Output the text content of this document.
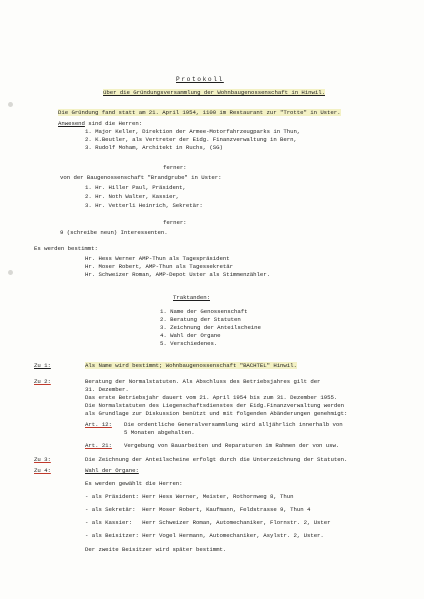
Protokoll
über die Gründungsversammlung der Wohnbaugenossenschaft in Hinwil.
Die Gründung fand statt am 21. April 1954, 1100 im Restaurant zur "Trotte" in Uster.
Anwesend sind die Herren:
1. Major Keller, Direktion der Armee-Motorfahrzeugparks in Thun,
2. K.Beutler, als Vertreter der Eidg. Finanzverwaltung in Bern,
3. Rudolf Moham, Architekt in Ruchs, (SG)
ferner:
von der Baugenossenschaft "Brandgrube" in Uster:
1. Hr. Hiller Paul, Präsident,
2. Hr. Noth Walter, Kassier,
3. Hr. Vetterli Heinrich, Sekretär:
ferner:
9 (schreibe neun) Interessenten.
Es werden bestimmt:
Hr. Hess Werner AMP-Thun als Tagespräsident
Hr. Moser Robert, AMP-Thun als Tagessekretär
Hr. Schweizer Roman, AMP-Depot Uster als Stimmenzähler.
Traktanden:
1. Name der Genossenschaft
2. Beratung der Statuten
3. Zeichnung der Anteilscheine
4. Wahl der Organe
5. Verschiedenes.
Zu 1:	Als Name wird bestimmt; Wohnbaugenossenschaft "BACHTEL" Hinwil.
Zu 2:	Beratung der Normalstatuten. Als Abschluss des Betriebsjahres gilt der
31. Dezember.
Das erste Betriebsjahr dauert vom 21. April 1954 bis zum 31. Dezember 1955.
Die Normalstatuten des Liegenschaftsdienstes der Eidg.Finanzverwaltung werden
als Grundlage zur Diskussion benützt und mit folgenden Abänderungen genehmigt:
Art. 12: Die ordentliche Generalversammlung wird alljährlich innerhalb von
5 Monaten abgehalten.
Art. 21: Vergebung von Bauarbeiten und Reparaturen im Rahmen der von usw.
Zu 3:	Die Zeichnung der Anteilscheine erfolgt durch die Unterzeichnung der Statuten.
Zu 4:	Wahl der Organe:
Es werden gewählt die Herren:
- als Präsident: Herr Hess Werner, Meister, Rothornweg 8, Thun
- als Sekretär:  Herr Moser Robert, Kaufmann, Feldstrasse 9, Thun 4
- als Kassier:   Herr Schweizer Roman, Automechaniker, Flornstr. 2, Uster
- als Beisitzer: Herr Vogel Hermann, Automechaniker, Asylstr. 2, Uster.
Der zweite Beisitzer wird später bestimmt.
